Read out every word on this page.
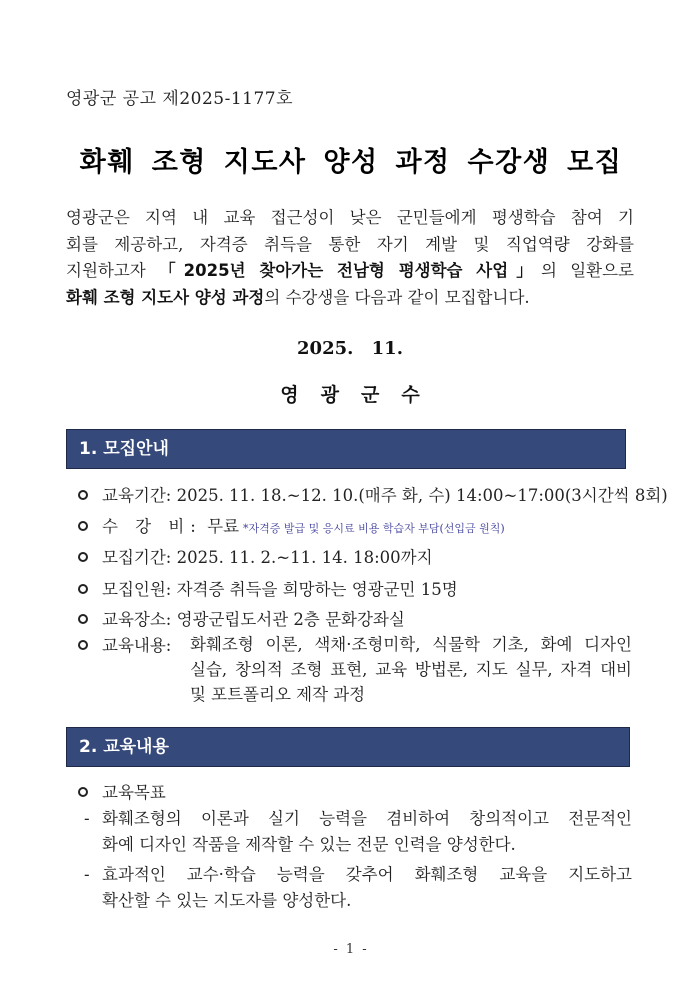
영광군 공고 제2025-1177호
화훼 조형 지도사 양성 과정 수강생 모집
영광군은 지역 내 교육 접근성이 낮은 군민들에게 평생학습 참여 기
회를 제공하고, 자격증 취득을 통한 자기 계발 및 직업역량 강화를
지원하고자 「2025년 찾아가는 전남형 평생학습 사업」의 일환으로
화훼 조형 지도사 양성 과정의 수강생을 다음과 같이 모집합니다.
2025. 11.
영광군수
1. 모집안내
교육기간: 2025. 11. 18.~12. 10.(매주 화, 수) 14:00~17:00(3시간씩 8회)
수 강 비: 무료 *자격증 발급 및 응시료 비용 학습자 부담(선입금 원칙)
모집기간: 2025. 11. 2.~11. 14. 18:00까지
모집인원: 자격증 취득을 희망하는 영광군민 15명
교육장소: 영광군립도서관 2층 문화강좌실
교육내용:	화훼조형 이론, 색채·조형미학, 식물학 기초, 화예 디자인
실습, 창의적 조형 표현, 교육 방법론, 지도 실무, 자격 대비
및 포트폴리오 제작 과정
2. 교육내용
교육목표
- 화훼조형의 이론과 실기 능력을 겸비하여 창의적이고 전문적인
화예 디자인 작품을 제작할 수 있는 전문 인력을 양성한다.
- 효과적인 교수·학습 능력을 갖추어 화훼조형 교육을 지도하고
확산할 수 있는 지도자를 양성한다.
- 1 -
